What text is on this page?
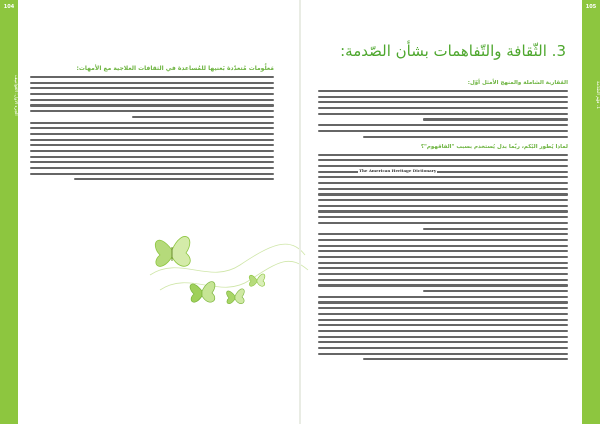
104
الجزء الأول: العَوَاصِف
مَعلُومات مُتعدّدة بَعنيها للمُساعدة في الثقافات العلاجية مع الأمهات:
105
1. فَهْم الصَّدْمة
3. الثّقافة والتّفاهمات بشأن الصّدمة:
المُقاربة الشاملة والمنهج الأمثل أوّل:
لماذا يُطور البُكم، ربّما بدل يُستخدم بسبب "الفاقهوم"؟
The American Heritage Dictionary
